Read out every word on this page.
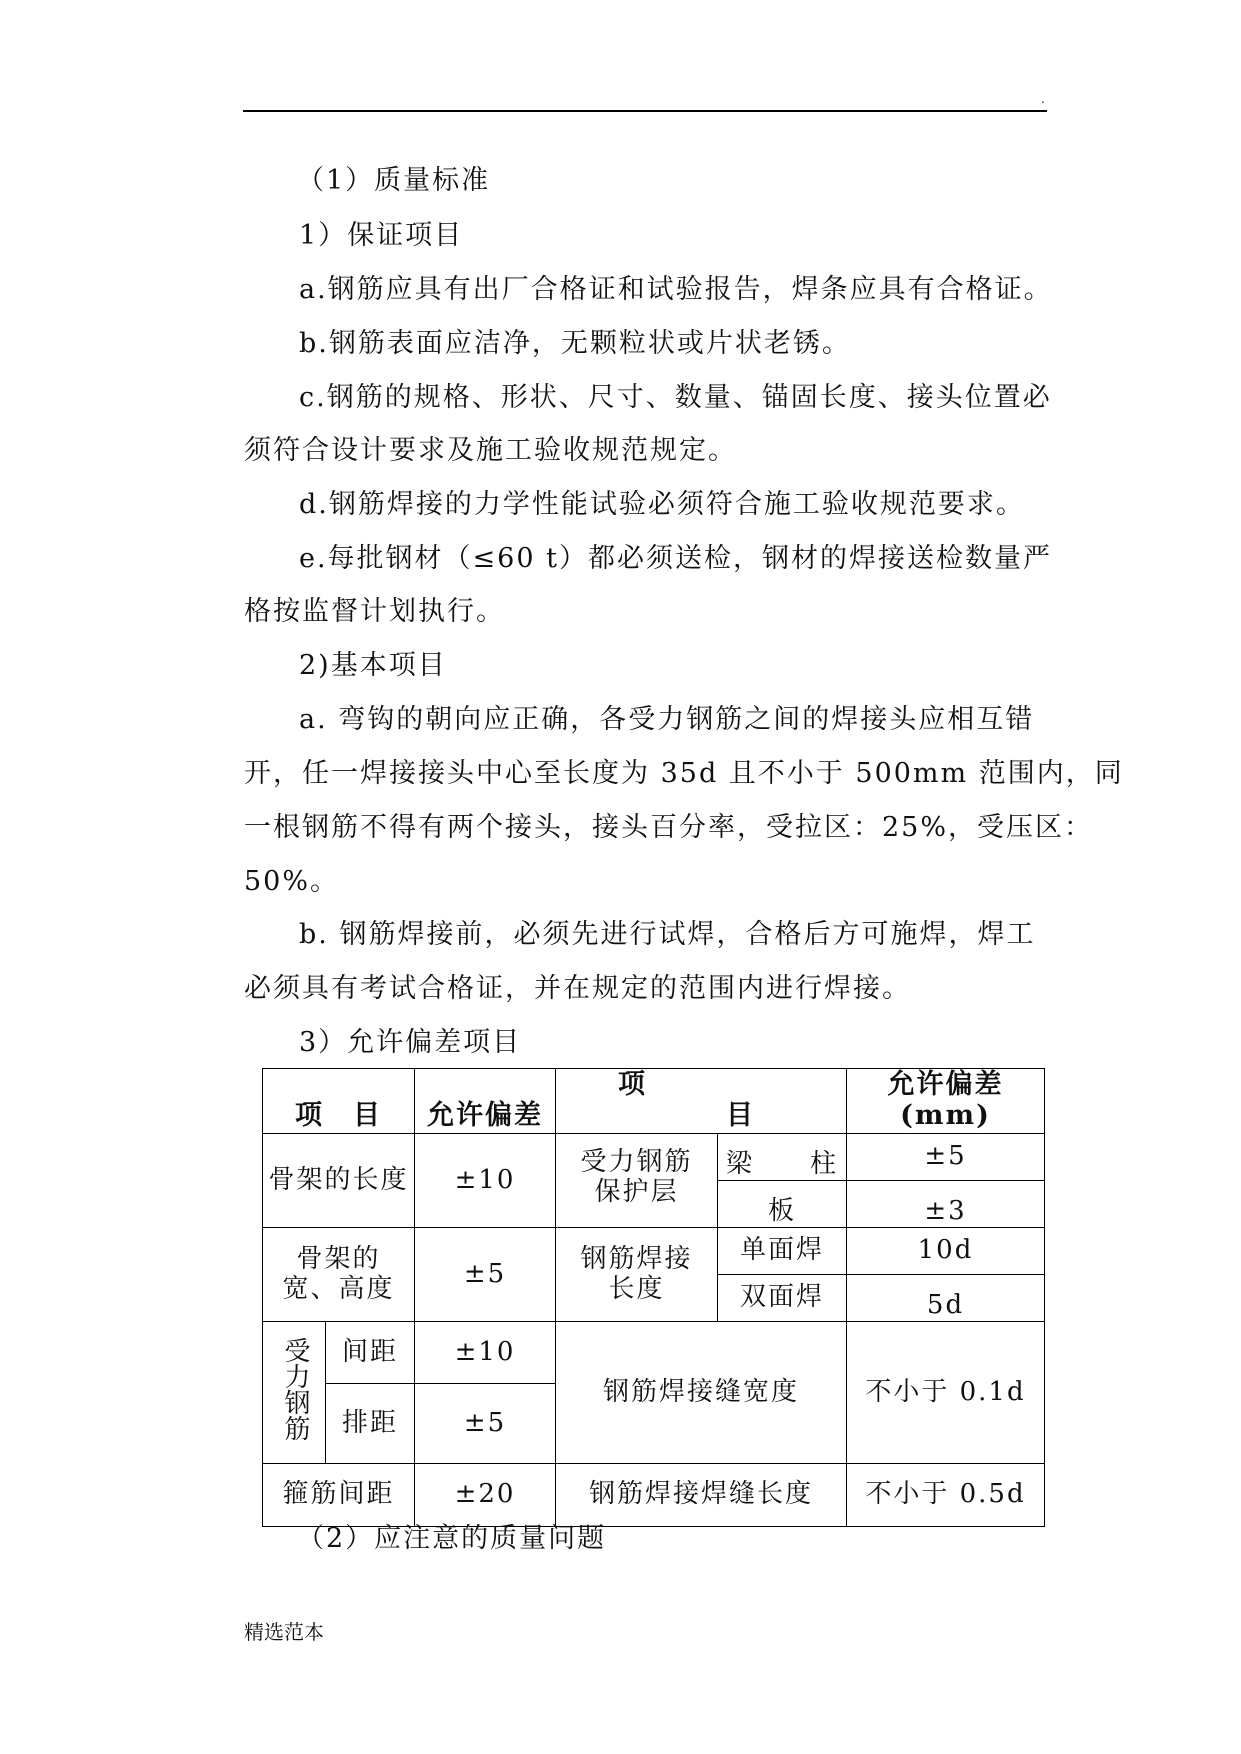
.
（1）质量标准
1）保证项目
a.钢筋应具有出厂合格证和试验报告，焊条应具有合格证。
b.钢筋表面应洁净，无颗粒状或片状老锈。
c.钢筋的规格、形状、尺寸、数量、锚固长度、接头位置必
须符合设计要求及施工验收规范规定。
d.钢筋焊接的力学性能试验必须符合施工验收规范要求。
e.每批钢材（≤60 t）都必须送检，钢材的焊接送检数量严
格按监督计划执行。
2)基本项目
a. 弯钩的朝向应正确，各受力钢筋之间的焊接头应相互错
开，任一焊接接头中心至长度为 35d 且不小于 500mm 范围内，同
一根钢筋不得有两个接头，接头百分率，受拉区：25%，受压区：
50%。
b. 钢筋焊接前，必须先进行试焊，合格后方可施焊，焊工
必须具有考试合格证，并在规定的范围内进行焊接。
3）允许偏差项目
项　目		允许偏差	项 目		允许偏差(mm)
骨架的长度		±10	受力钢筋保护层	梁　　柱	±5
				板	±3
骨架的宽、高度		±5	钢筋焊接长度	单面焊	10d
				双面焊	5d
受力钢筋	间距	±10	钢筋焊接缝宽度		不小于 0.1d
	排距	±5			
箍筋间距		±20	钢筋焊接焊缝长度		不小于 0.5d
（2）应注意的质量问题
精选范本
